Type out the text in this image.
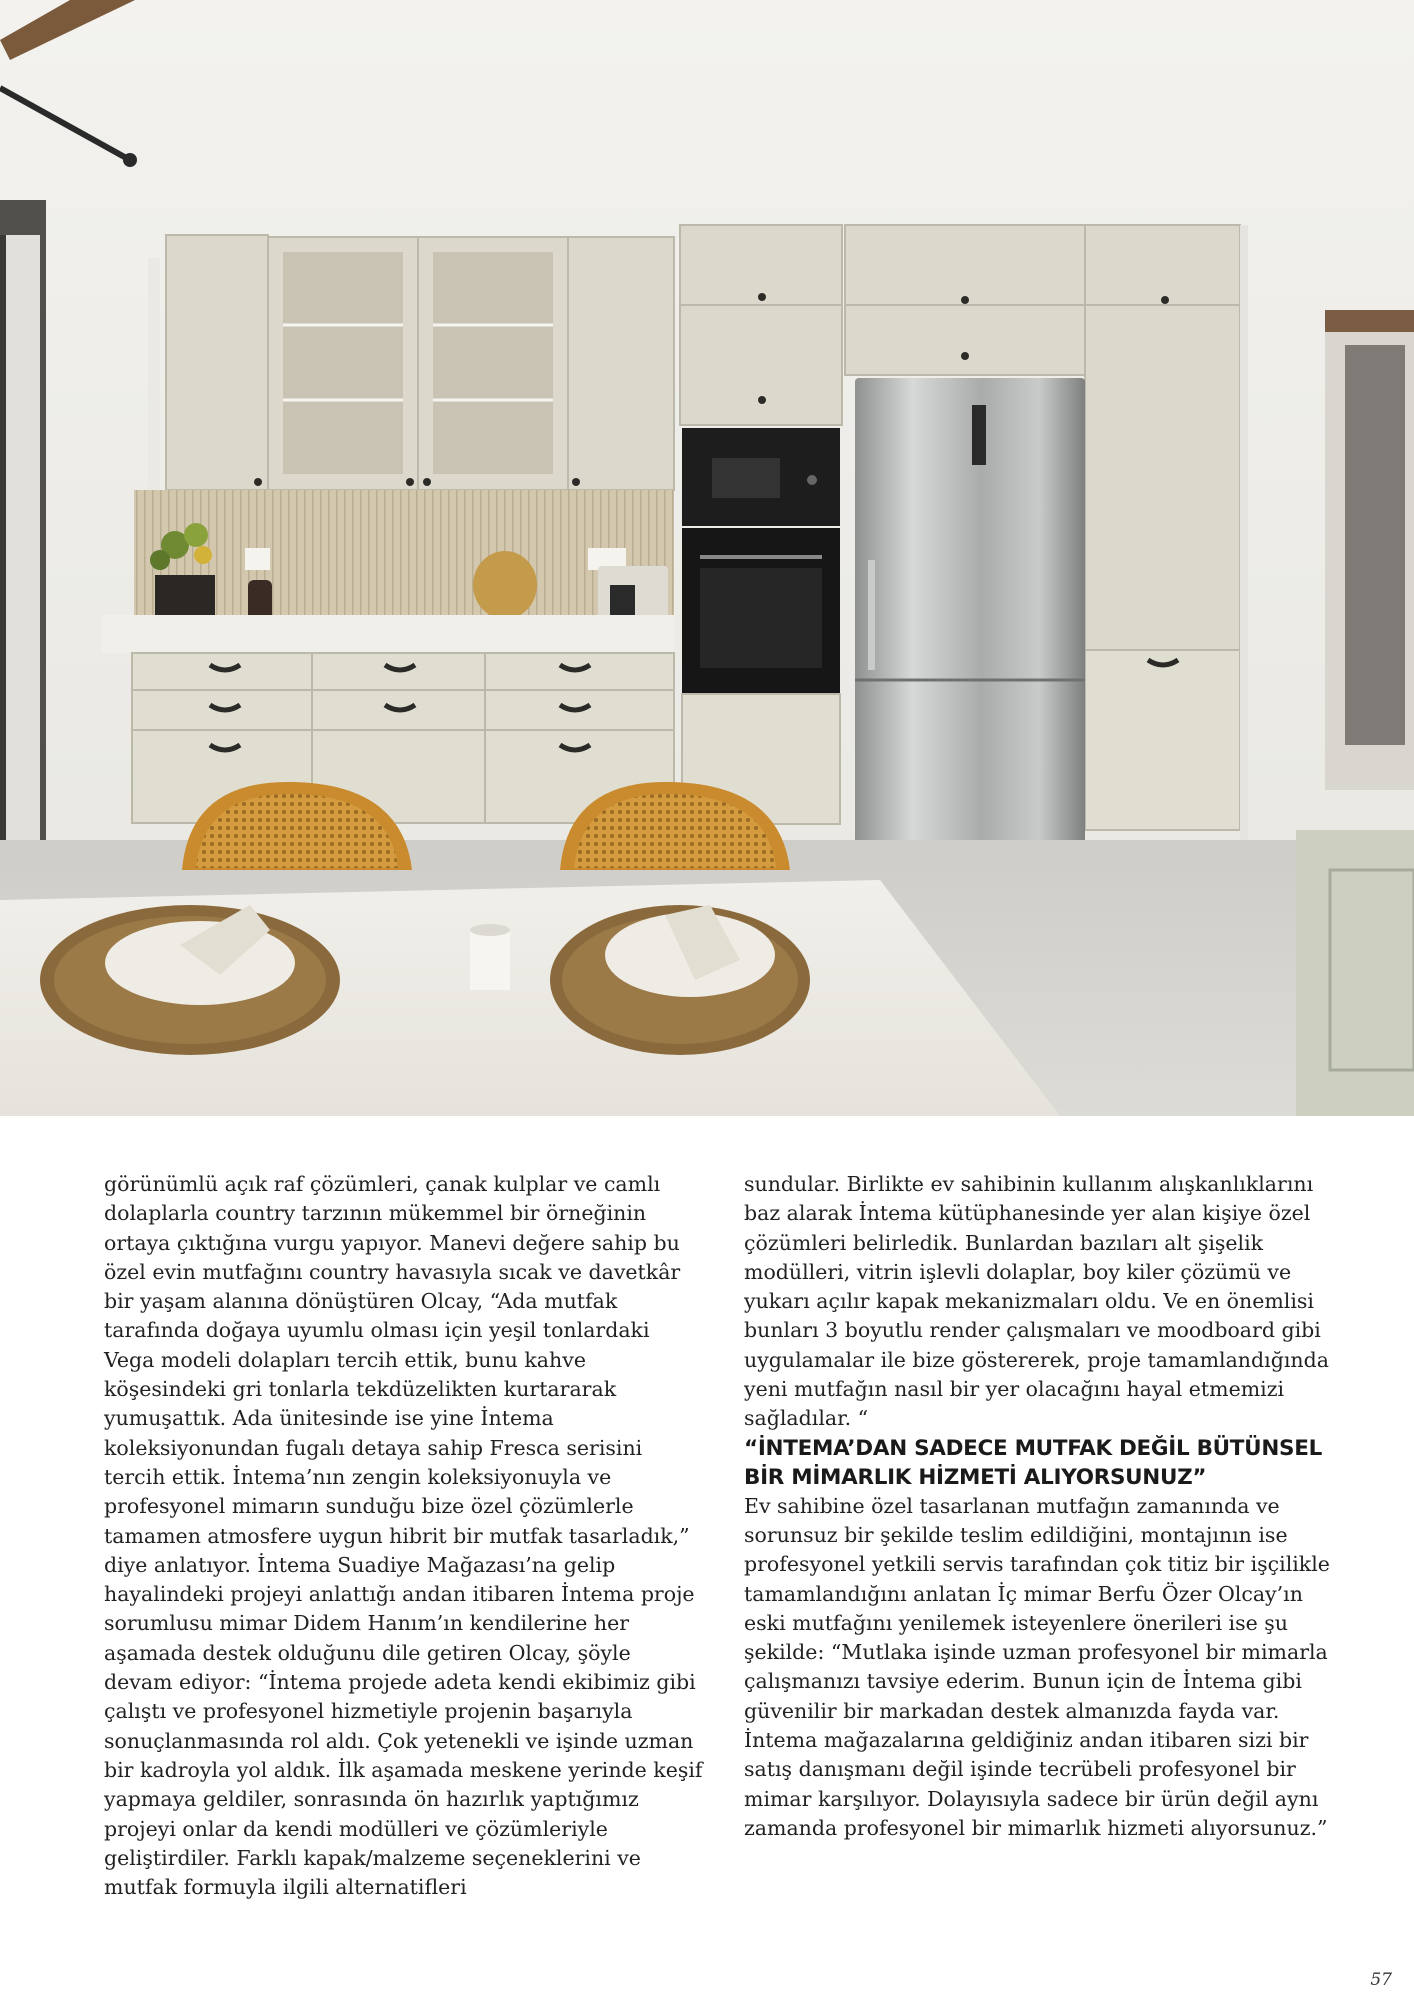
görünümlü açık raf çözümleri, çanak kulplar ve camlı dolaplarla country tarzının mükemmel bir örneğinin ortaya çıktığına vurgu yapıyor. Manevi değere sahip bu özel evin mutfağını country havasıyla sıcak ve davetkâr bir yaşam alanına dönüştüren Olcay, “Ada mutfak tarafında doğaya uyumlu olması için yeşil tonlardaki Vega modeli dolapları tercih ettik, bunu kahve köşesindeki gri tonlarla tekdüzelikten kurtararak yumuşattık. Ada ünitesinde ise yine İntema koleksiyonundan fugalı detaya sahip Fresca serisini tercih ettik. İntema’nın zengin koleksiyonuyla ve profesyonel mimarın sunduğu bize özel çözümlerle tamamen atmosfere uygun hibrit bir mutfak tasarladık,” diye anlatıyor. İntema Suadiye Mağazası’na gelip hayalindeki projeyi anlattığı andan itibaren İntema proje sorumlusu mimar Didem Hanım’ın kendilerine her aşamada destek olduğunu dile getiren Olcay, şöyle devam ediyor: “İntema projede adeta kendi ekibimiz gibi çalıştı ve profesyonel hizmetiyle projenin başarıyla sonuçlanmasında rol aldı. Çok yetenekli ve işinde uzman bir kadroyla yol aldık. İlk aşamada meskene yerinde keşif yapmaya geldiler, sonrasında ön hazırlık yaptığımız projeyi onlar da kendi modülleri ve çözümleriyle geliştirdiler. Farklı kapak/malzeme seçeneklerini ve mutfak formuyla ilgili alternatifleri

sundular. Birlikte ev sahibinin kullanım alışkanlıklarını baz alarak İntema kütüphanesinde yer alan kişiye özel çözümleri belirledik. Bunlardan bazıları alt şişelik modülleri, vitrin işlevli dolaplar, boy kiler çözümü ve yukarı açılır kapak mekanizmaları oldu. Ve en önemlisi bunları 3 boyutlu render çalışmaları ve moodboard gibi uygulamalar ile bize göstererek, proje tamamlandığında yeni mutfağın nasıl bir yer olacağını hayal etmemizi sağladılar. “

“İNTEMA’DAN SADECE MUTFAK DEĞİL BÜTÜNSEL BİR MİMARLIK HİZMETİ ALIYORSUNUZ”

Ev sahibine özel tasarlanan mutfağın zamanında ve sorunsuz bir şekilde teslim edildiğini, montajının ise profesyonel yetkili servis tarafından çok titiz bir işçilikle tamamlandığını anlatan İç mimar Berfu Özer Olcay’ın eski mutfağını yenilemek isteyenlere önerileri ise şu şekilde: “Mutlaka işinde uzman profesyonel bir mimarla çalışmanızı tavsiye ederim. Bunun için de İntema gibi güvenilir bir markadan destek almanızda fayda var. İntema mağazalarına geldiğiniz andan itibaren sizi bir satış danışmanı değil işinde tecrübeli profesyonel bir mimar karşılıyor. Dolayısıyla sadece bir ürün değil aynı zamanda profesyonel bir mimarlık hizmeti alıyorsunuz.”

57
